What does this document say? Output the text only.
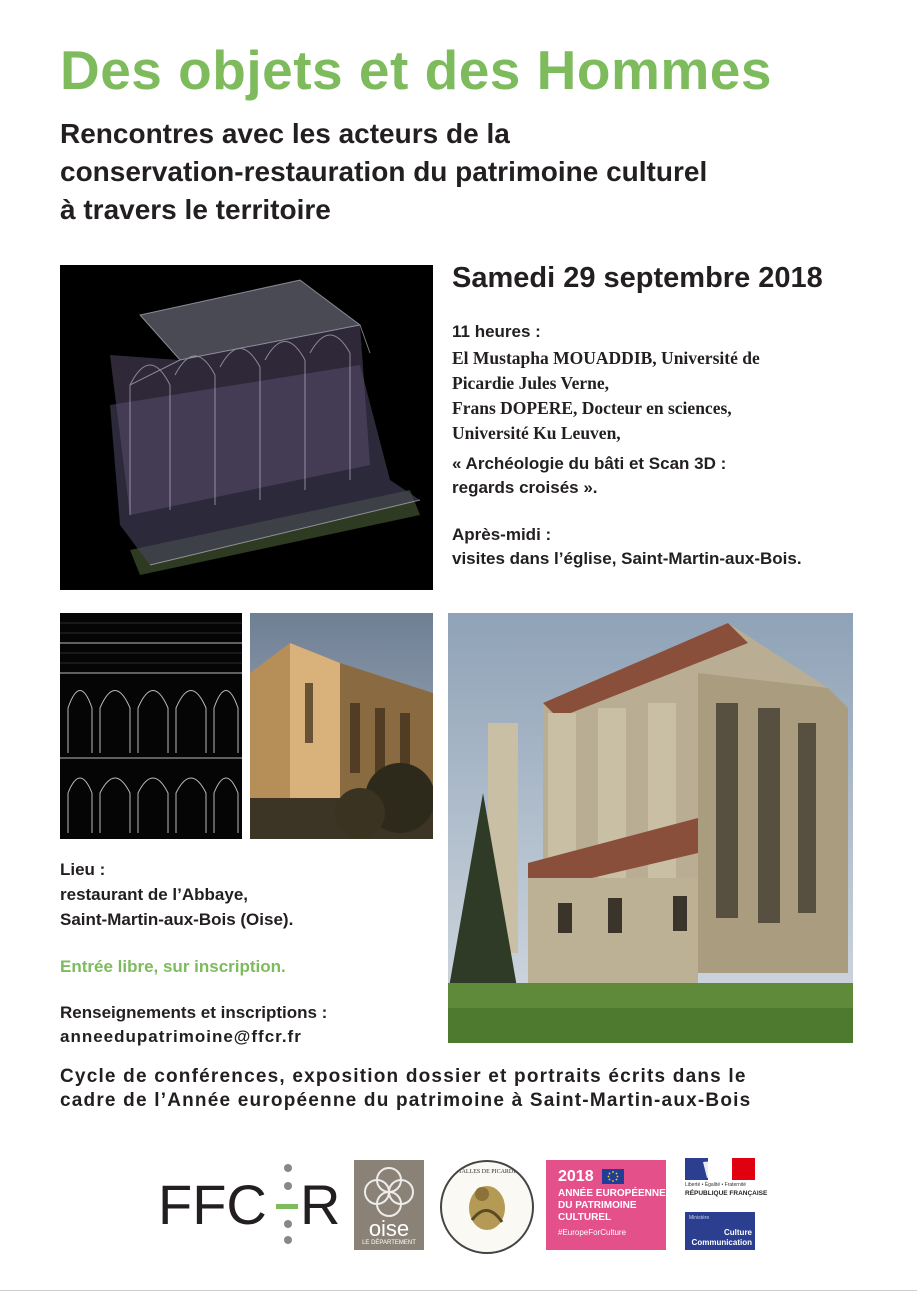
Des objets et des Hommes
Rencontres avec les acteurs de la
conservation-restauration du patrimoine culturel
à travers le territoire
Samedi 29 septembre 2018
11 heures :
El Mustapha MOUADDIB, Université de
Picardie Jules Verne,
Frans DOPERE, Docteur en sciences,
Université Ku Leuven,
« Archéologie du bâti et Scan 3D :
regards croisés ».
Après-midi :
visites dans l’église, Saint-Martin-aux-Bois.
Lieu :
restaurant de l’Abbaye,
Saint-Martin-aux-Bois (Oise).
Entrée libre, sur inscription.
Renseignements et inscriptions :
anneedupatrimoine@ffcr.fr
Cycle de conférences, exposition dossier et portraits écrits dans le
cadre de l’Année européenne du patrimoine à Saint-Martin-aux-Bois
FFC R	oise
LE DÉPARTEMENT
STALLES DE PICARDIE	2018
ANNÉE EUROPÉENNE
DU PATRIMOINE
CULTUREL
#EuropeForCulture
Liberté • Égalité • Fraternité
RÉPUBLIQUE FRANÇAISE
Ministère
Culture
Communication
